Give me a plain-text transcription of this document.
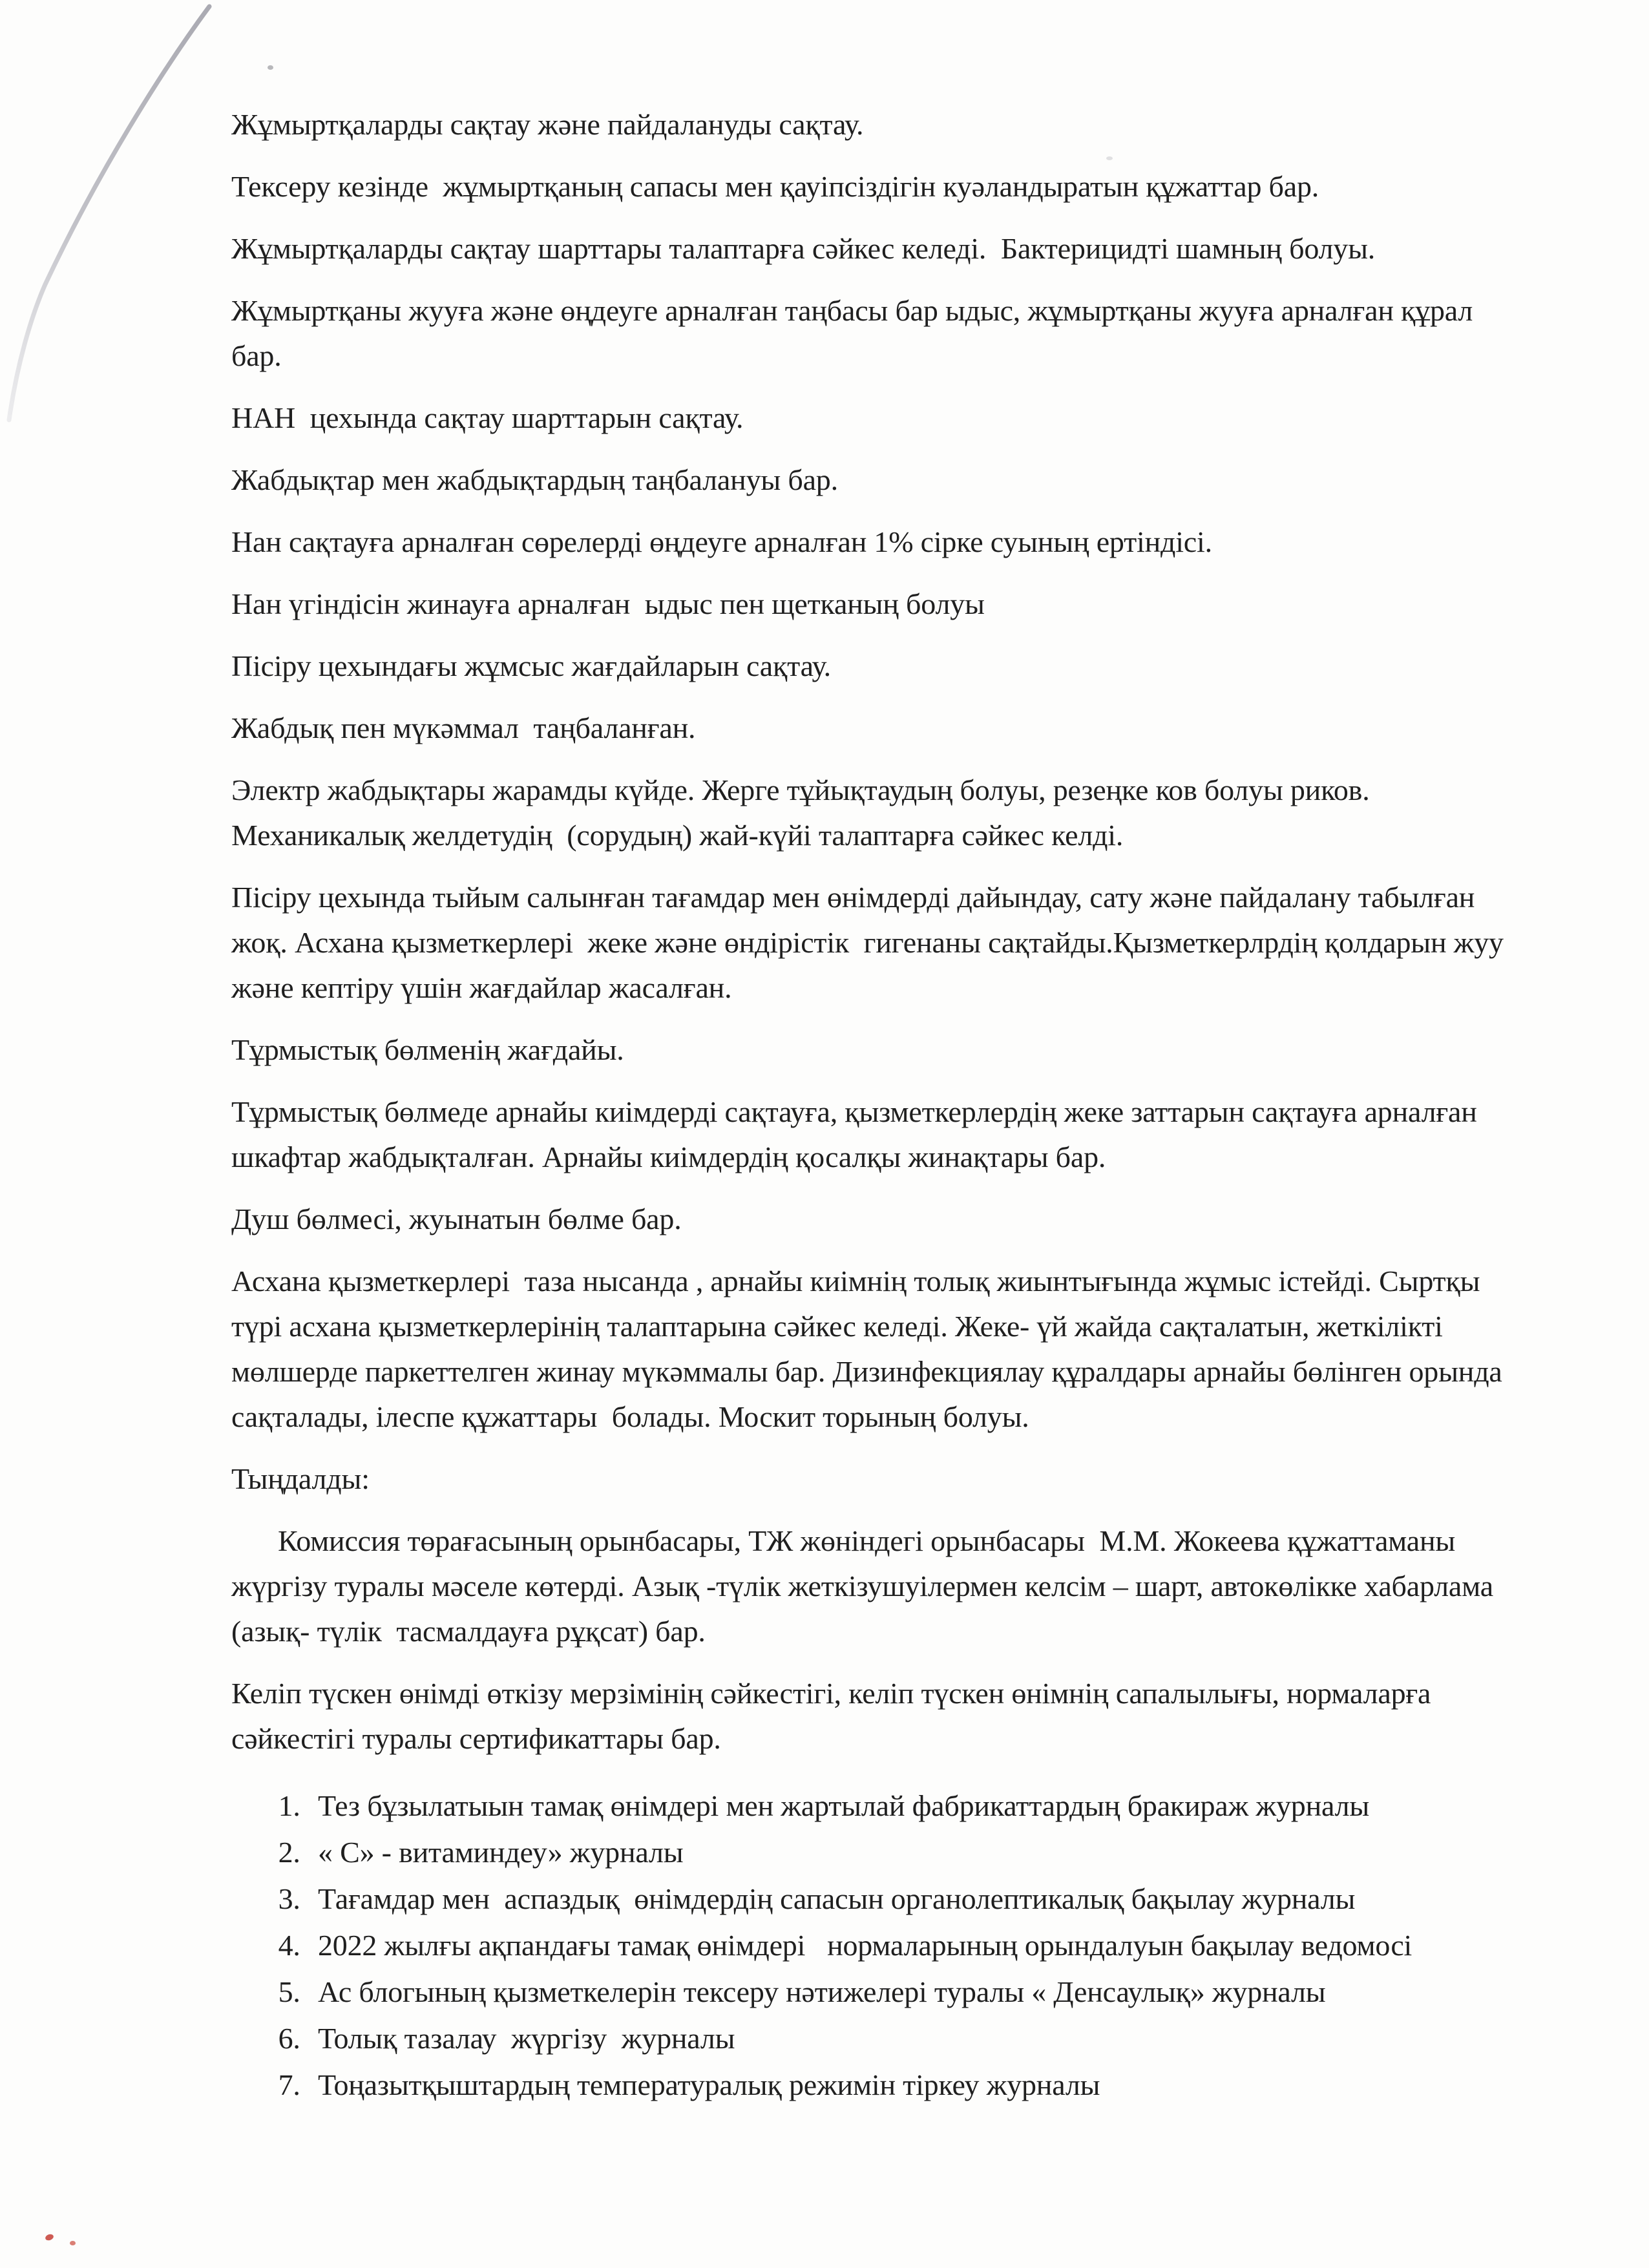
Жұмыртқаларды сақтау және пайдалануды сақтау.

Тексеру кезінде  жұмыртқаның сапасы мен қауіпсіздігін куәландыратын құжаттар бар.

Жұмыртқаларды сақтау шарттары талаптарға сәйкес келеді.  Бактерицидті шамның болуы.

Жұмыртқаны жууға және өңдеуге арналған таңбасы бар ыдыс, жұмыртқаны жууға арналған құрал бар.

НАН  цехында сақтау шарттарын сақтау.

Жабдықтар мен жабдықтардың таңбалануы бар.

Нан сақтауға арналған сөрелерді өңдеуге арналған 1% сірке суының ертіндісі.

Нан үгіндісін жинауға арналған  ыдыс пен щетканың болуы

Пісіру цехындағы жұмсыс жағдайларын сақтау.

Жабдық пен мүкәммал  таңбаланған.

Электр жабдықтары жарамды күйде. Жерге тұйықтаудың болуы, резеңке ков болуы риков. Механикалық желдетудің  (сорудың) жай-күйі талаптарға сәйкес келді.

Пісіру цехында тыйым салынған тағамдар мен өнімдерді дайындау, сату және пайдалану табылған жоқ. Асхана қызметкерлері  жеке және өндірістік  гигенаны сақтайды.Қызметкерлрдің қолдарын жуу және кептіру үшін жағдайлар жасалған.

Тұрмыстық бөлменің жағдайы.

Тұрмыстық бөлмеде арнайы киімдерді сақтауға, қызметкерлердің жеке заттарын сақтауға арналған шкафтар жабдықталған. Арнайы киімдердің қосалқы жинақтары бар.

Душ бөлмесі, жуынатын бөлме бар.

Асхана қызметкерлері  таза нысанда , арнайы киімнің толық жиынтығында жұмыс істейді. Сыртқы түрі асхана қызметкерлерінің талаптарына сәйкес келеді. Жеке- үй жайда сақталатын, жеткілікті мөлшерде паркеттелген жинау мүкәммалы бар. Дизинфекциялау құралдары арнайы бөлінген орында сақталады, ілеспе құжаттары  болады. Москит торының болуы.

Тыңдалды:

Комиссия төрағасының орынбасары, ТЖ жөніндегі орынбасары  М.М. Жокеева құжаттаманы жүргізу туралы мәселе көтерді. Азық -түлік жеткізушуілермен келсім – шарт, автокөлікке хабарлама (азық- түлік  тасмалдауға рұқсат) бар.

Келіп түскен өнімді өткізу мерзімінің сәйкестігі, келіп түскен өнімнің сапалылығы, нормаларға сәйкестігі туралы сертификаттары бар.

1. Тез бұзылатыын тамақ өнімдері мен жартылай фабрикаттардың бракираж журналы
2. « С» - витаминдеу» журналы
3. Тағамдар мен  аспаздық  өнімдердің сапасын органолептикалық бақылау журналы
4. 2022 жылғы ақпандағы тамақ өнімдері   нормаларының орындалуын бақылау ведомосі
5. Ас блогының қызметкелерін тексеру нәтижелері туралы « Денсаулық» журналы
6. Толық тазалау  жүргізу  журналы
7. Тоңазытқыштардың температуралық режимін тіркеу журналы
